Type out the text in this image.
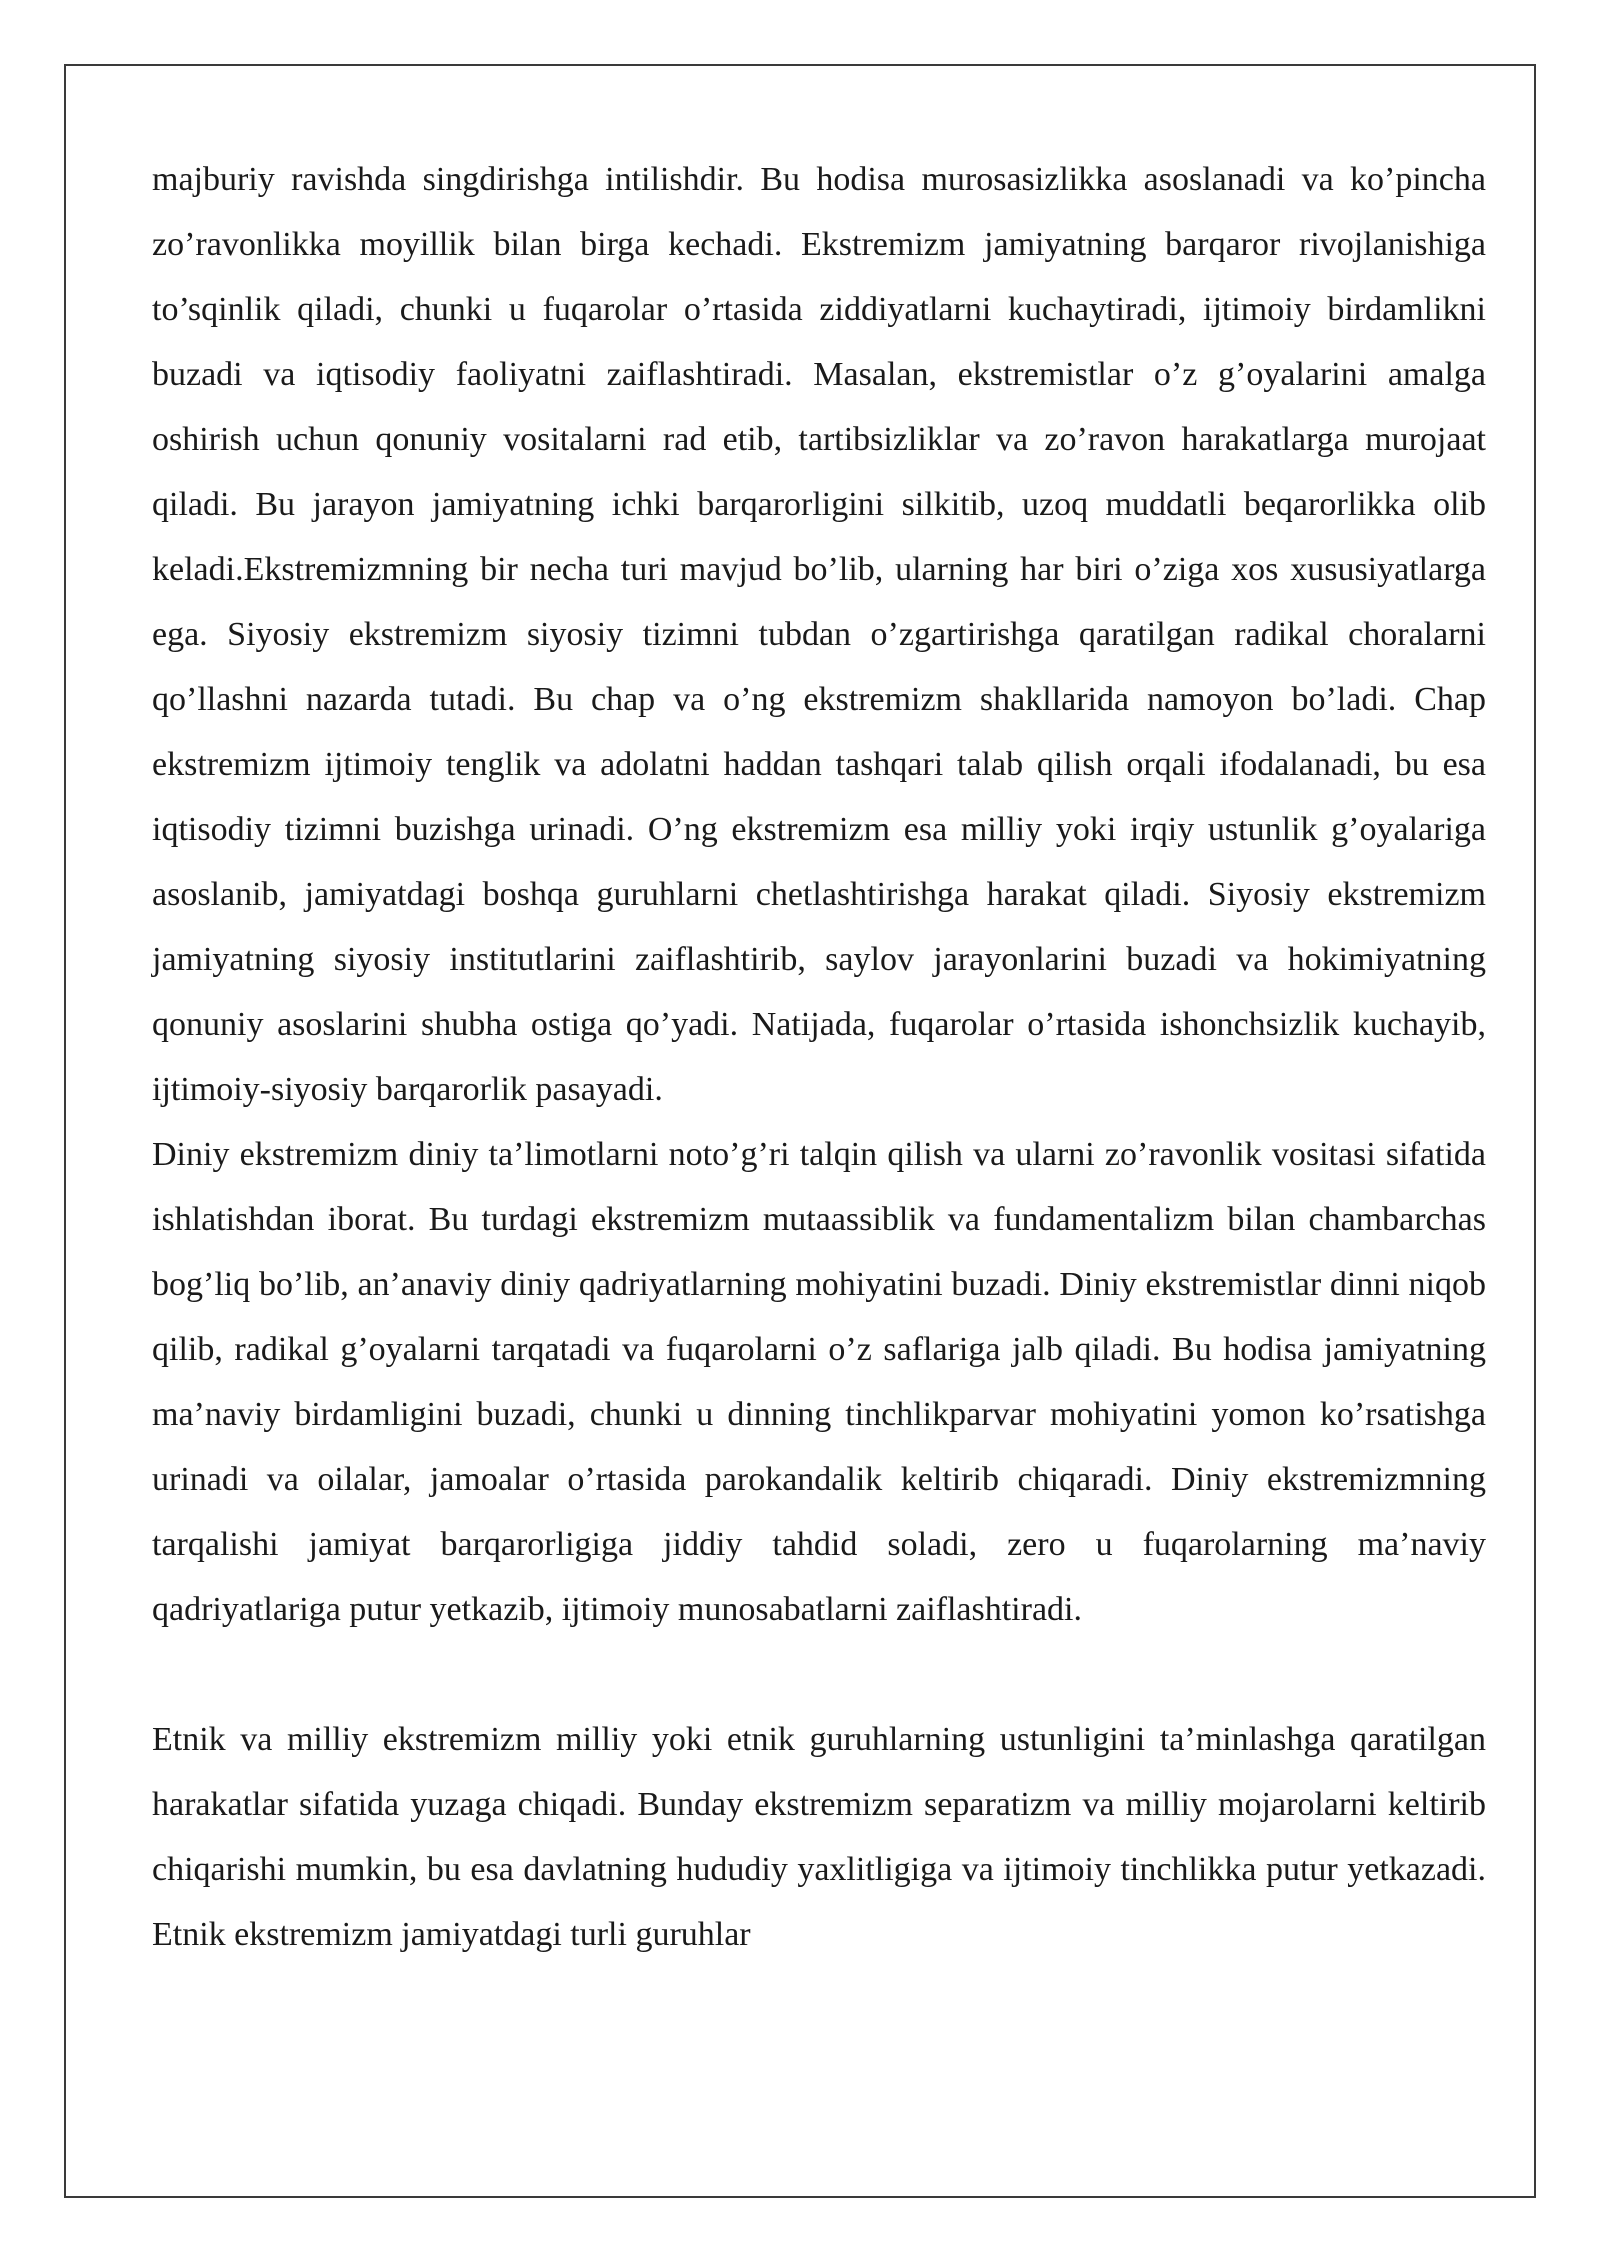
majburiy ravishda singdirishga intilishdir. Bu hodisa murosasizlikka asoslanadi va ko’pincha zo’ravonlikka moyillik bilan birga kechadi. Ekstremizm jamiyatning barqaror rivojlanishiga to’sqinlik qiladi, chunki u fuqarolar o’rtasida ziddiyatlarni kuchaytiradi, ijtimoiy birdamlikni buzadi va iqtisodiy faoliyatni zaiflashtiradi. Masalan, ekstremistlar o’z g’oyalarini amalga oshirish uchun qonuniy vositalarni rad etib, tartibsizliklar va zo’ravon harakatlarga murojaat qiladi. Bu jarayon jamiyatning ichki barqarorligini silkitib, uzoq muddatli beqarorlikka olib keladi.Ekstremizmning bir necha turi mavjud bo’lib, ularning har biri o’ziga xos xususiyatlarga ega. Siyosiy ekstremizm siyosiy tizimni tubdan o’zgartirishga qaratilgan radikal choralarni qo’llashni nazarda tutadi. Bu chap va o’ng ekstremizm shakllarida namoyon bo’ladi. Chap ekstremizm ijtimoiy tenglik va adolatni haddan tashqari talab qilish orqali ifodalanadi, bu esa iqtisodiy tizimni buzishga urinadi. O’ng ekstremizm esa milliy yoki irqiy ustunlik g’oyalariga asoslanib, jamiyatdagi boshqa guruhlarni chetlashtirishga harakat qiladi. Siyosiy ekstremizm jamiyatning siyosiy institutlarini zaiflashtirib, saylov jarayonlarini buzadi va hokimiyatning qonuniy asoslarini shubha ostiga qo’yadi. Natijada, fuqarolar o’rtasida ishonchsizlik kuchayib, ijtimoiy-siyosiy barqarorlik pasayadi.

Diniy ekstremizm diniy ta’limotlarni noto’g’ri talqin qilish va ularni zo’ravonlik vositasi sifatida ishlatishdan iborat. Bu turdagi ekstremizm mutaassiblik va fundamentalizm bilan chambarchas bog’liq bo’lib, an’anaviy diniy qadriyatlarning mohiyatini buzadi. Diniy ekstremistlar dinni niqob qilib, radikal g’oyalarni tarqatadi va fuqarolarni o’z saflariga jalb qiladi. Bu hodisa jamiyatning ma’naviy birdamligini buzadi, chunki u dinning tinchlikparvar mohiyatini yomon ko’rsatishga urinadi va oilalar, jamoalar o’rtasida parokandalik keltirib chiqaradi. Diniy ekstremizmning tarqalishi jamiyat barqarorligiga jiddiy tahdid soladi, zero u fuqarolarning ma’naviy qadriyatlariga putur yetkazib, ijtimoiy munosabatlarni zaiflashtiradi.

Etnik va milliy ekstremizm milliy yoki etnik guruhlarning ustunligini ta’minlashga qaratilgan harakatlar sifatida yuzaga chiqadi. Bunday ekstremizm separatizm va milliy mojarolarni keltirib chiqarishi mumkin, bu esa davlatning hududiy yaxlitligiga va ijtimoiy tinchlikka putur yetkazadi. Etnik ekstremizm jamiyatdagi turli guruhlar
